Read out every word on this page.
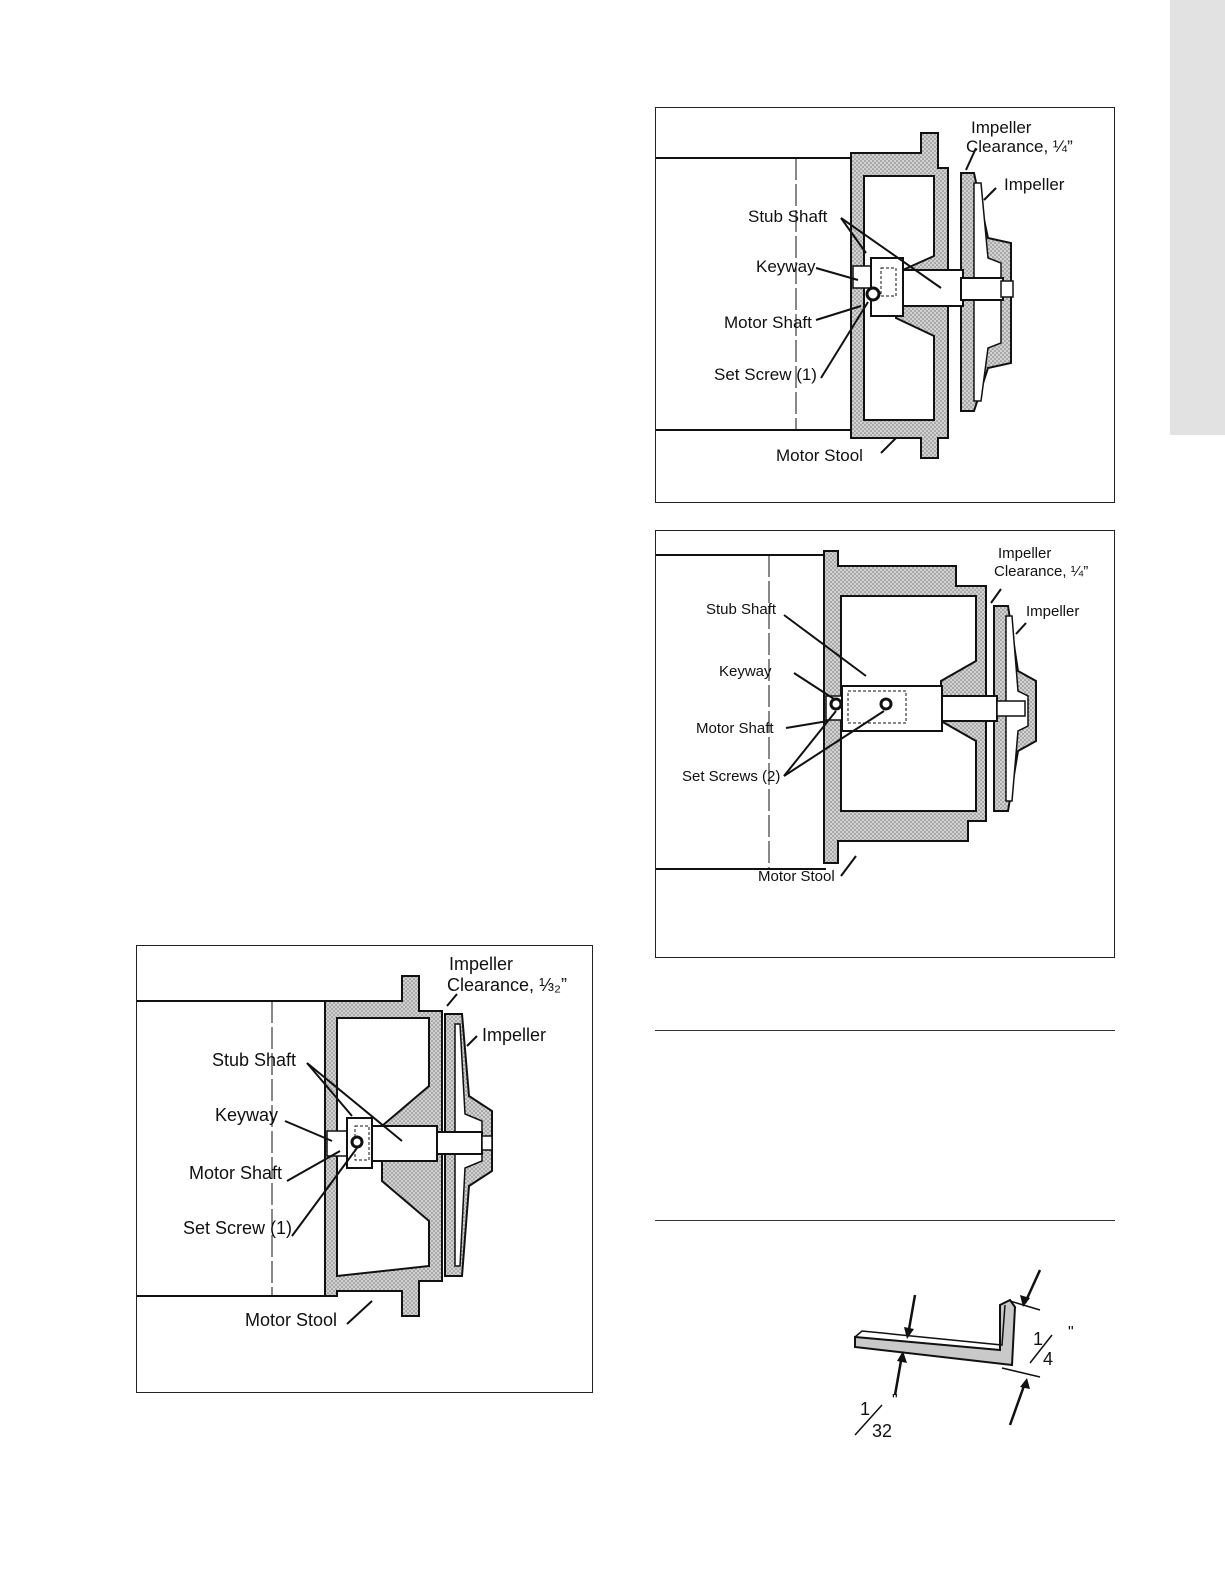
Impeller
Clearance, ¼”
Impeller
Stub Shaft
Keyway
Motor Shaft
Set Screw (1)
Motor Stool
Impeller
Clearance, ¼”
Impeller
Stub Shaft
Keyway
Motor Shaft
Set Screws (2)
Motor Stool
Impeller
Clearance, ⅓₂”
Impeller
Stub Shaft
Keyway
Motor Shaft
Set Screw (1)
Motor Stool
1
4
"
1
32
"
